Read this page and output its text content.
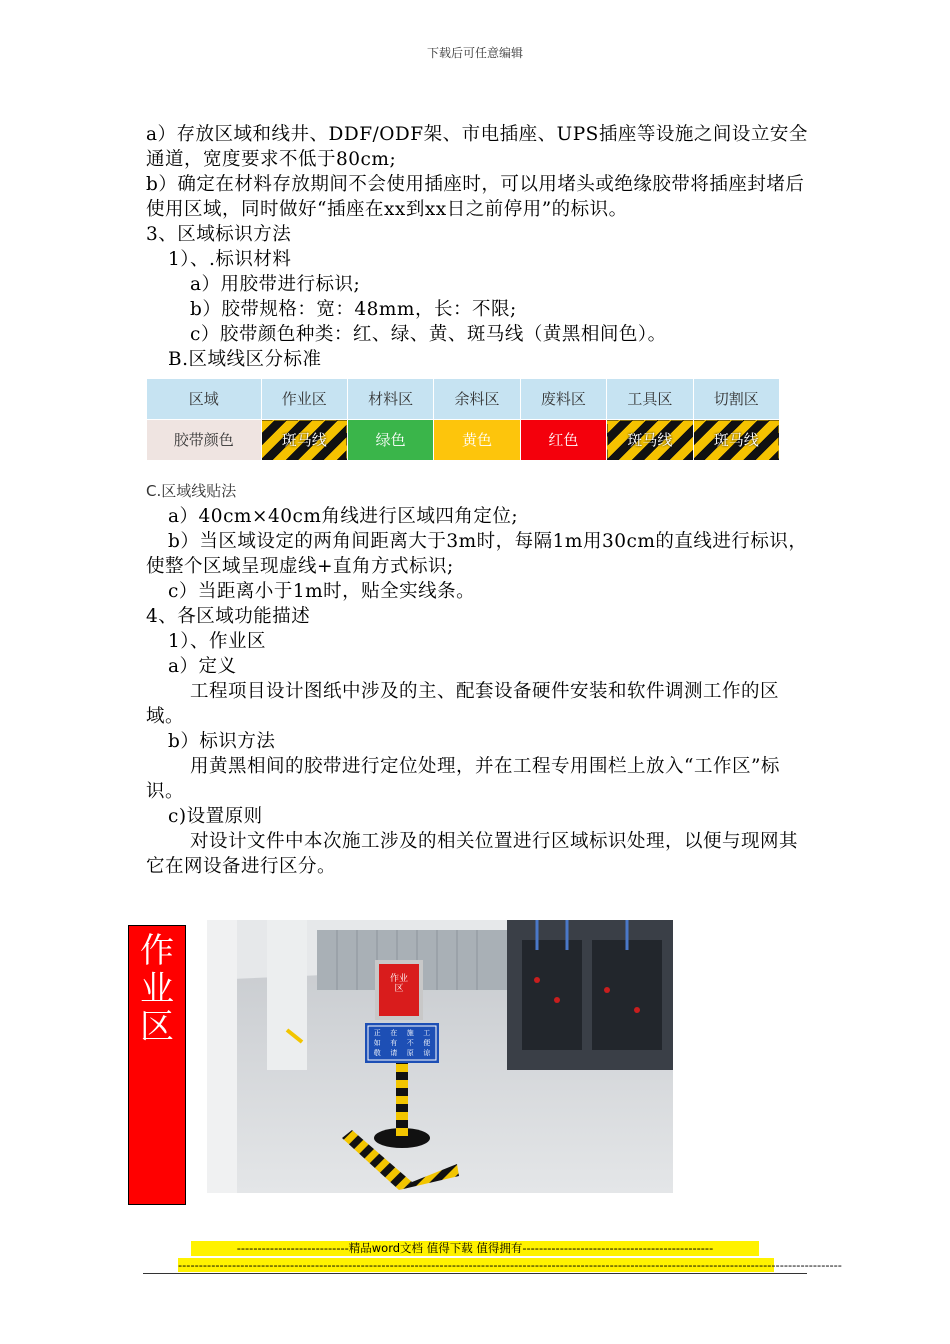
下载后可任意编辑

a）存放区域和线井、DDF/ODF架、市电插座、UPS插座等设施之间设立安全通道，宽度要求不低于80cm;

b）确定在材料存放期间不会使用插座时，可以用堵头或绝缘胶带将插座封堵后使用区域，同时做好“插座在xx到xx日之前停用”的标识。

3、区域标识方法

1）、.标识材料

a）用胶带进行标识;

b）胶带规格：宽：48mm，长：不限;

c）胶带颜色种类：红、绿、黄、斑马线（黄黑相间色）。

B.区域线区分标准

区域	作业区	材料区	余料区	废料区	工具区	切割区
胶带颜色	斑马线	绿色	黄色	红色	斑马线	斑马线

C.区域线贴法

a）40cm×40cm角线进行区域四角定位;

b）当区域设定的两角间距离大于3m时，每隔1m用30cm的直线进行标识，使整个区域呈现虚线+直角方式标识;

c）当距离小于1m时，贴全实线条。

4、各区域功能描述

1）、作业区

a）定义

工程项目设计图纸中涉及的主、配套设备硬件安装和软件调测工作的区域。

b）标识方法

用黄黑相间的胶带进行定位处理，并在工程专用围栏上放入“工作区”标识。

c)设置原则

对设计文件中本次施工涉及的相关位置进行区域标识处理，以便与现网其它在网设备进行区分。

作
业
区
作业区
正	在	施	工
如	有	不	便
敬	请	原	谅
---------------------------精品word文档 值得下载 值得拥有----------------------------------------------
----------------------------------------------------------------------------------------------------------------------------------------------------------------
